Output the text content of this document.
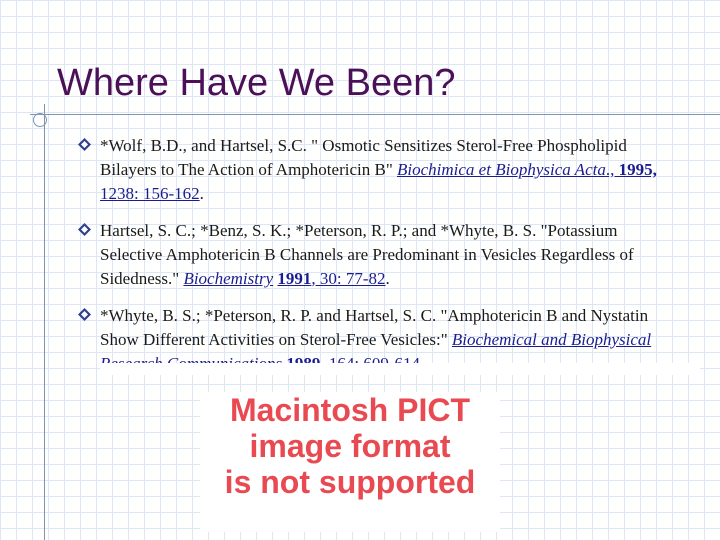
Where Have We Been?
*Wolf, B.D., and Hartsel, S.C. " Osmotic Sensitizes Sterol-Free Phospholipid Bilayers to The Action of Amphotericin B" Biochimica et Biophysica Acta., 1995, 1238: 156-162.
Hartsel, S. C.; *Benz, S. K.; *Peterson, R. P.; and *Whyte, B. S. "Potassium Selective Amphotericin B Channels are Predominant in Vesicles Regardless of Sidedness." Biochemistry 1991, 30: 77-82.
*Whyte, B. S.; *Peterson, R. P. and Hartsel, S. C. "Amphotericin B and Nystatin Show Different Activities on Sterol-Free Vesicles:" Biochemical and Biophysical
Macintosh PICT
image format
is not supported
